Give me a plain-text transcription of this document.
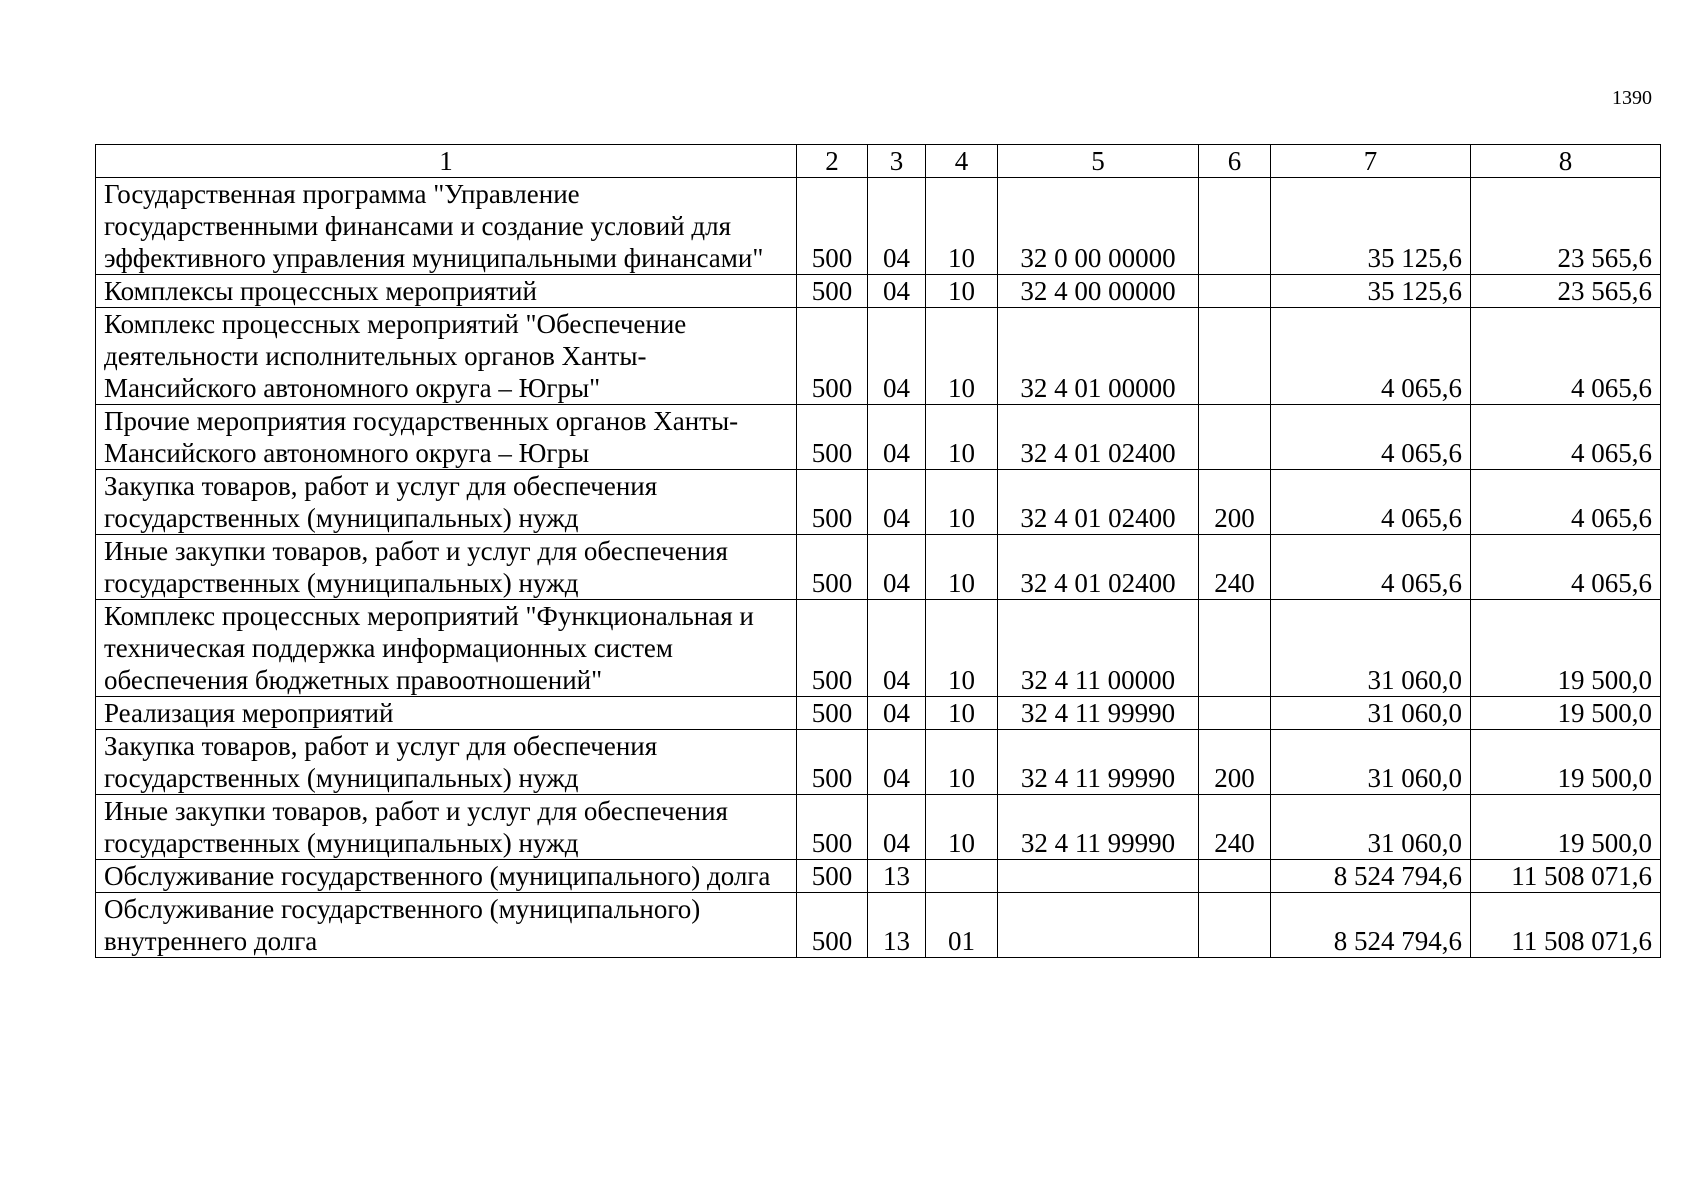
1390
1	2	3	4	5	6	7	8
Государственная программа "Управление государственными финансами и создание условий для эффективного управления муниципальными финансами"	500	04	10	32 0 00 00000		35 125,6	23 565,6
Комплексы процессных мероприятий	500	04	10	32 4 00 00000		35 125,6	23 565,6
Комплекс процессных мероприятий "Обеспечение деятельности исполнительных органов Ханты-Мансийского автономного округа – Югры"	500	04	10	32 4 01 00000		4 065,6	4 065,6
Прочие мероприятия государственных органов Ханты-Мансийского автономного округа – Югры	500	04	10	32 4 01 02400		4 065,6	4 065,6
Закупка товаров, работ и услуг для обеспечения государственных (муниципальных) нужд	500	04	10	32 4 01 02400	200	4 065,6	4 065,6
Иные закупки товаров, работ и услуг для обеспечения государственных (муниципальных) нужд	500	04	10	32 4 01 02400	240	4 065,6	4 065,6
Комплекс процессных мероприятий "Функциональная и техническая поддержка информационных систем обеспечения бюджетных правоотношений"	500	04	10	32 4 11 00000		31 060,0	19 500,0
Реализация мероприятий	500	04	10	32 4 11 99990		31 060,0	19 500,0
Закупка товаров, работ и услуг для обеспечения государственных (муниципальных) нужд	500	04	10	32 4 11 99990	200	31 060,0	19 500,0
Иные закупки товаров, работ и услуг для обеспечения государственных (муниципальных) нужд	500	04	10	32 4 11 99990	240	31 060,0	19 500,0
Обслуживание государственного (муниципального) долга	500	13				8 524 794,6	11 508 071,6
Обслуживание государственного (муниципального) внутреннего долга	500	13	01			8 524 794,6	11 508 071,6
